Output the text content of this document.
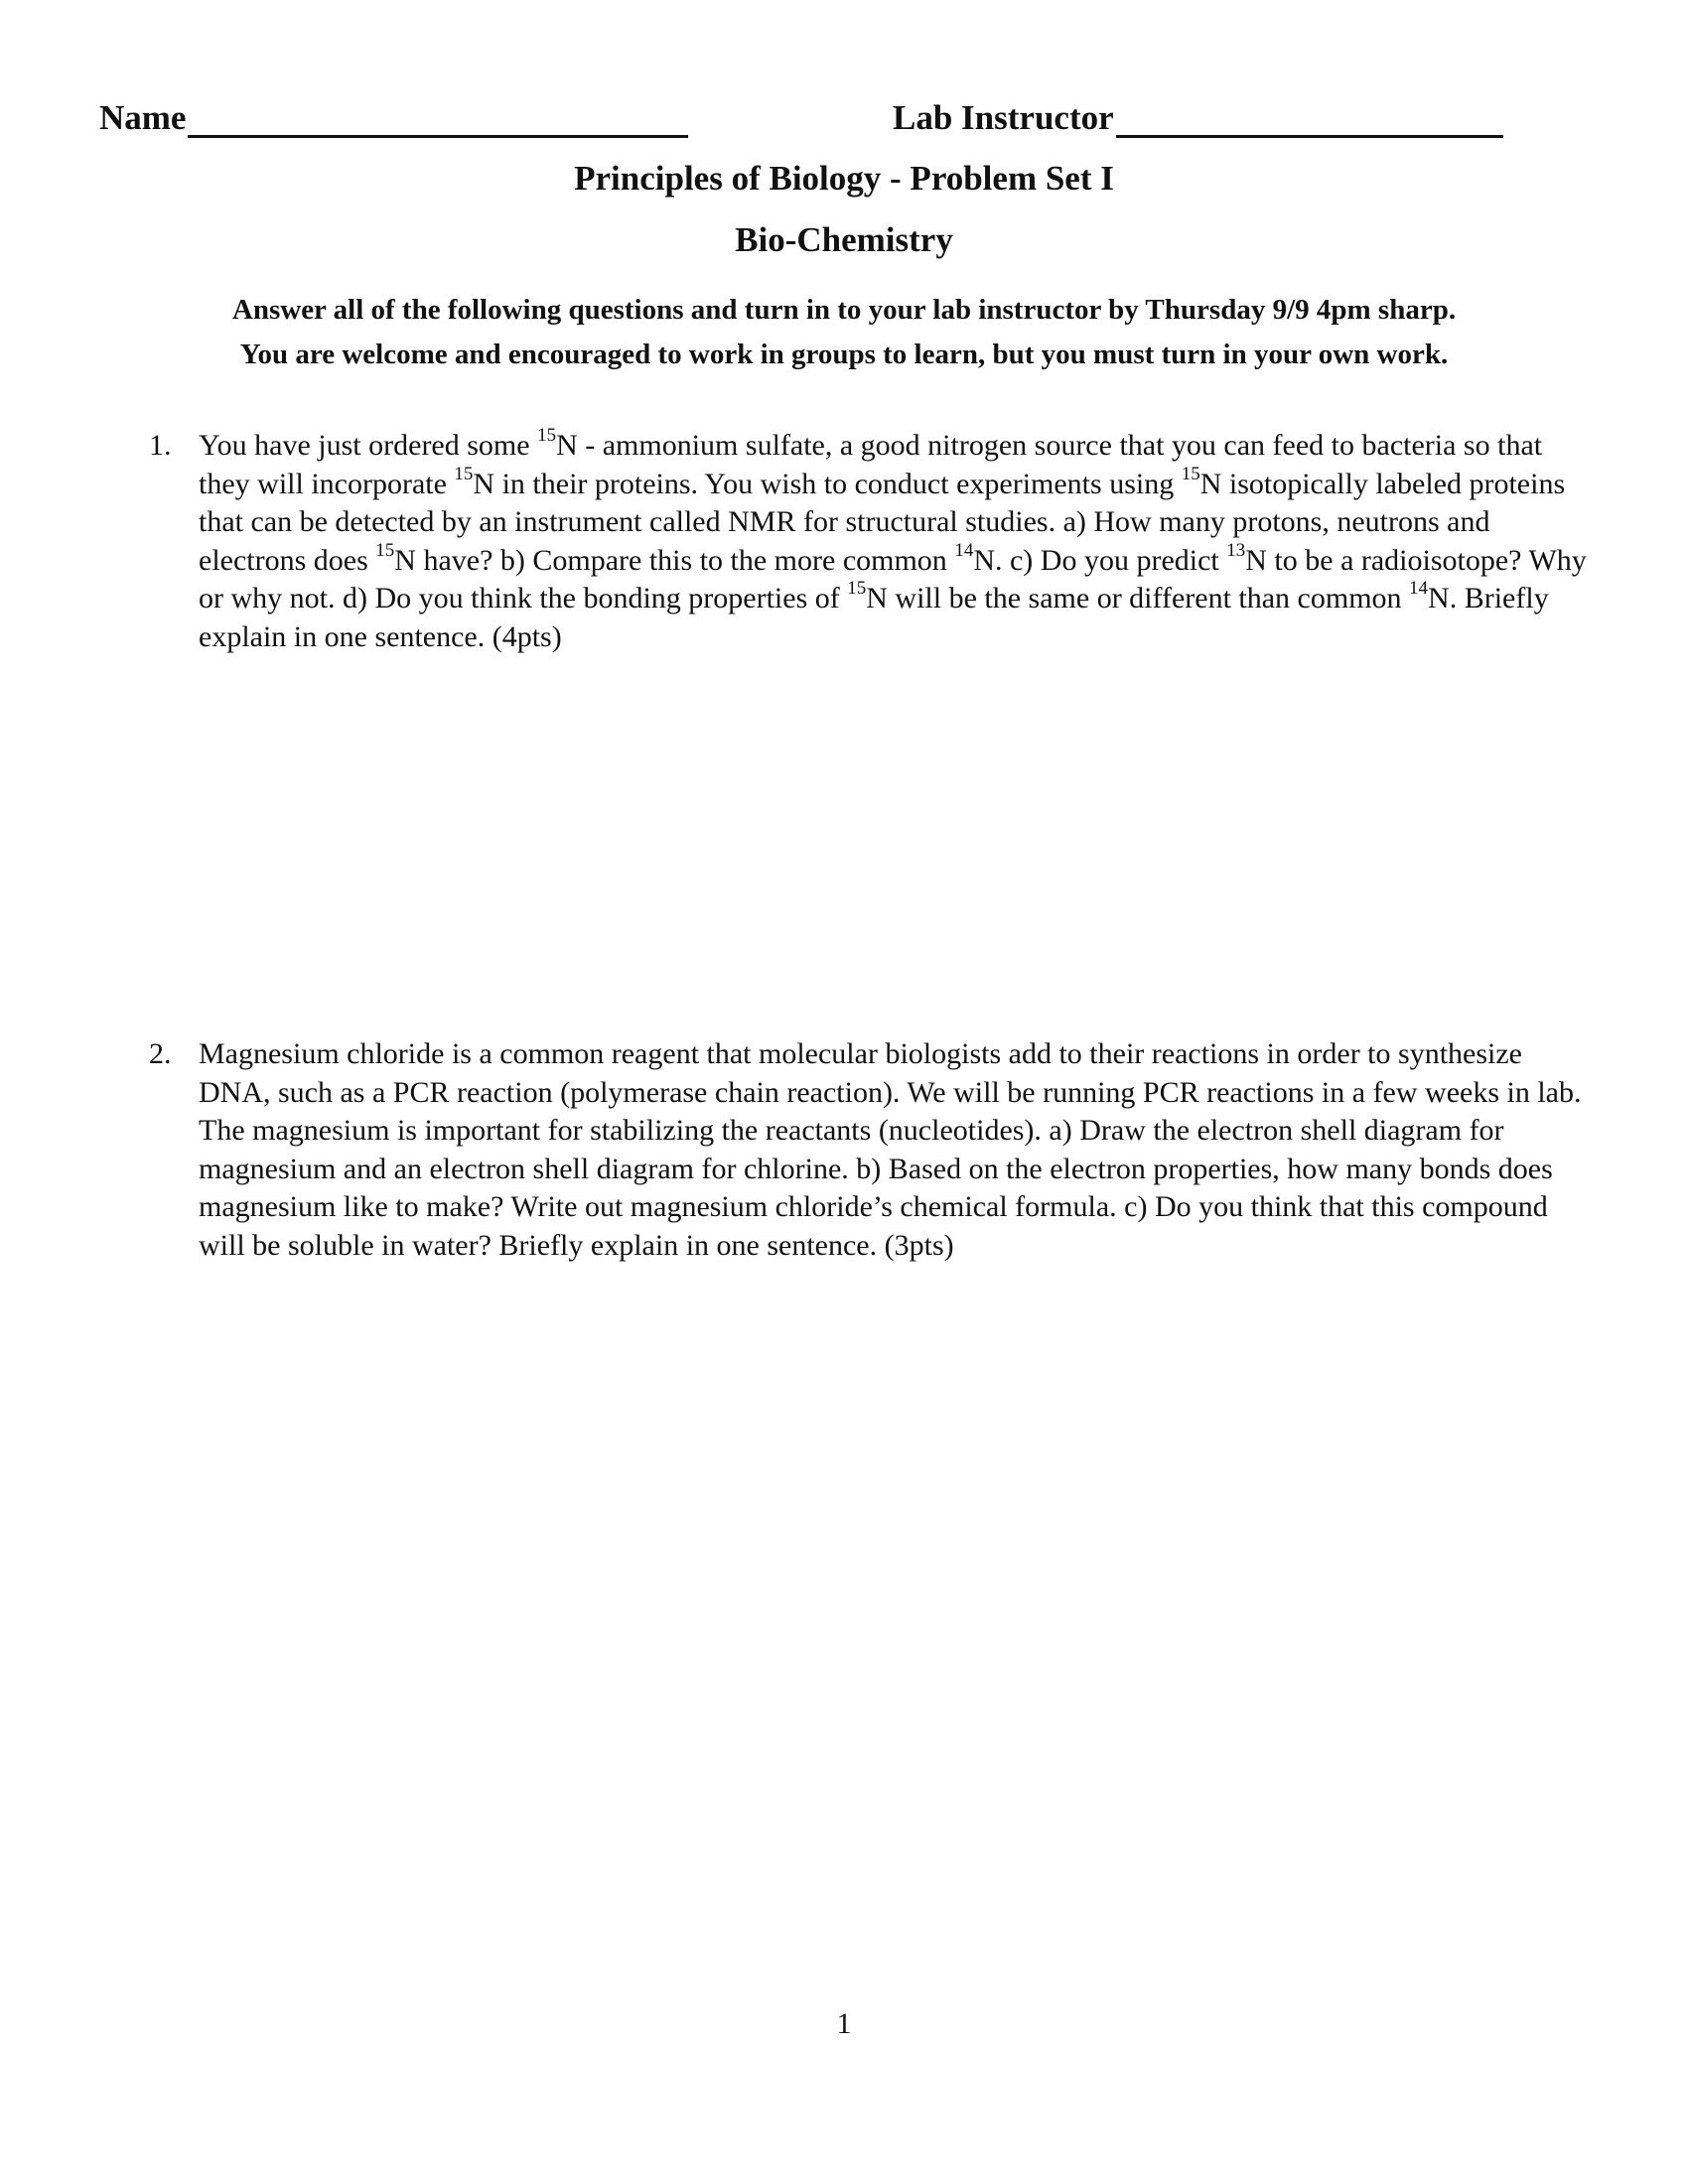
Name	Lab Instructor
Principles of Biology - Problem Set I
Bio-Chemistry

Answer all of the following questions and turn in to your lab instructor by Thursday 9/9 4pm sharp.

You are welcome and encouraged to work in groups to learn, but you must turn in your own work.

1. You have just ordered some $^{15}$N - ammonium sulfate, a good nitrogen source that you can feed to bacteria so that they will incorporate $^{15}$N in their proteins. You wish to conduct experiments using $^{15}$N isotopically labeled proteins that can be detected by an instrument called NMR for structural studies. a) How many protons, neutrons and electrons does $^{15}$N have? b) Compare this to the more common $^{14}$N. c) Do you predict $^{13}$N to be a radioisotope? Why or why not. d) Do you think the bonding properties of $^{15}$N will be the same or different than common $^{14}$N. Briefly explain in one sentence. (4pts)
2. Magnesium chloride is a common reagent that molecular biologists add to their reactions in order to synthesize DNA, such as a PCR reaction (polymerase chain reaction). We will be running PCR reactions in a few weeks in lab. The magnesium is important for stabilizing the reactants (nucleotides). a) Draw the electron shell diagram for magnesium and an electron shell diagram for chlorine. b) Based on the electron properties, how many bonds does magnesium like to make? Write out magnesium chloride’s chemical formula. c) Do you think that this compound will be soluble in water? Briefly explain in one sentence. (3pts)
1
